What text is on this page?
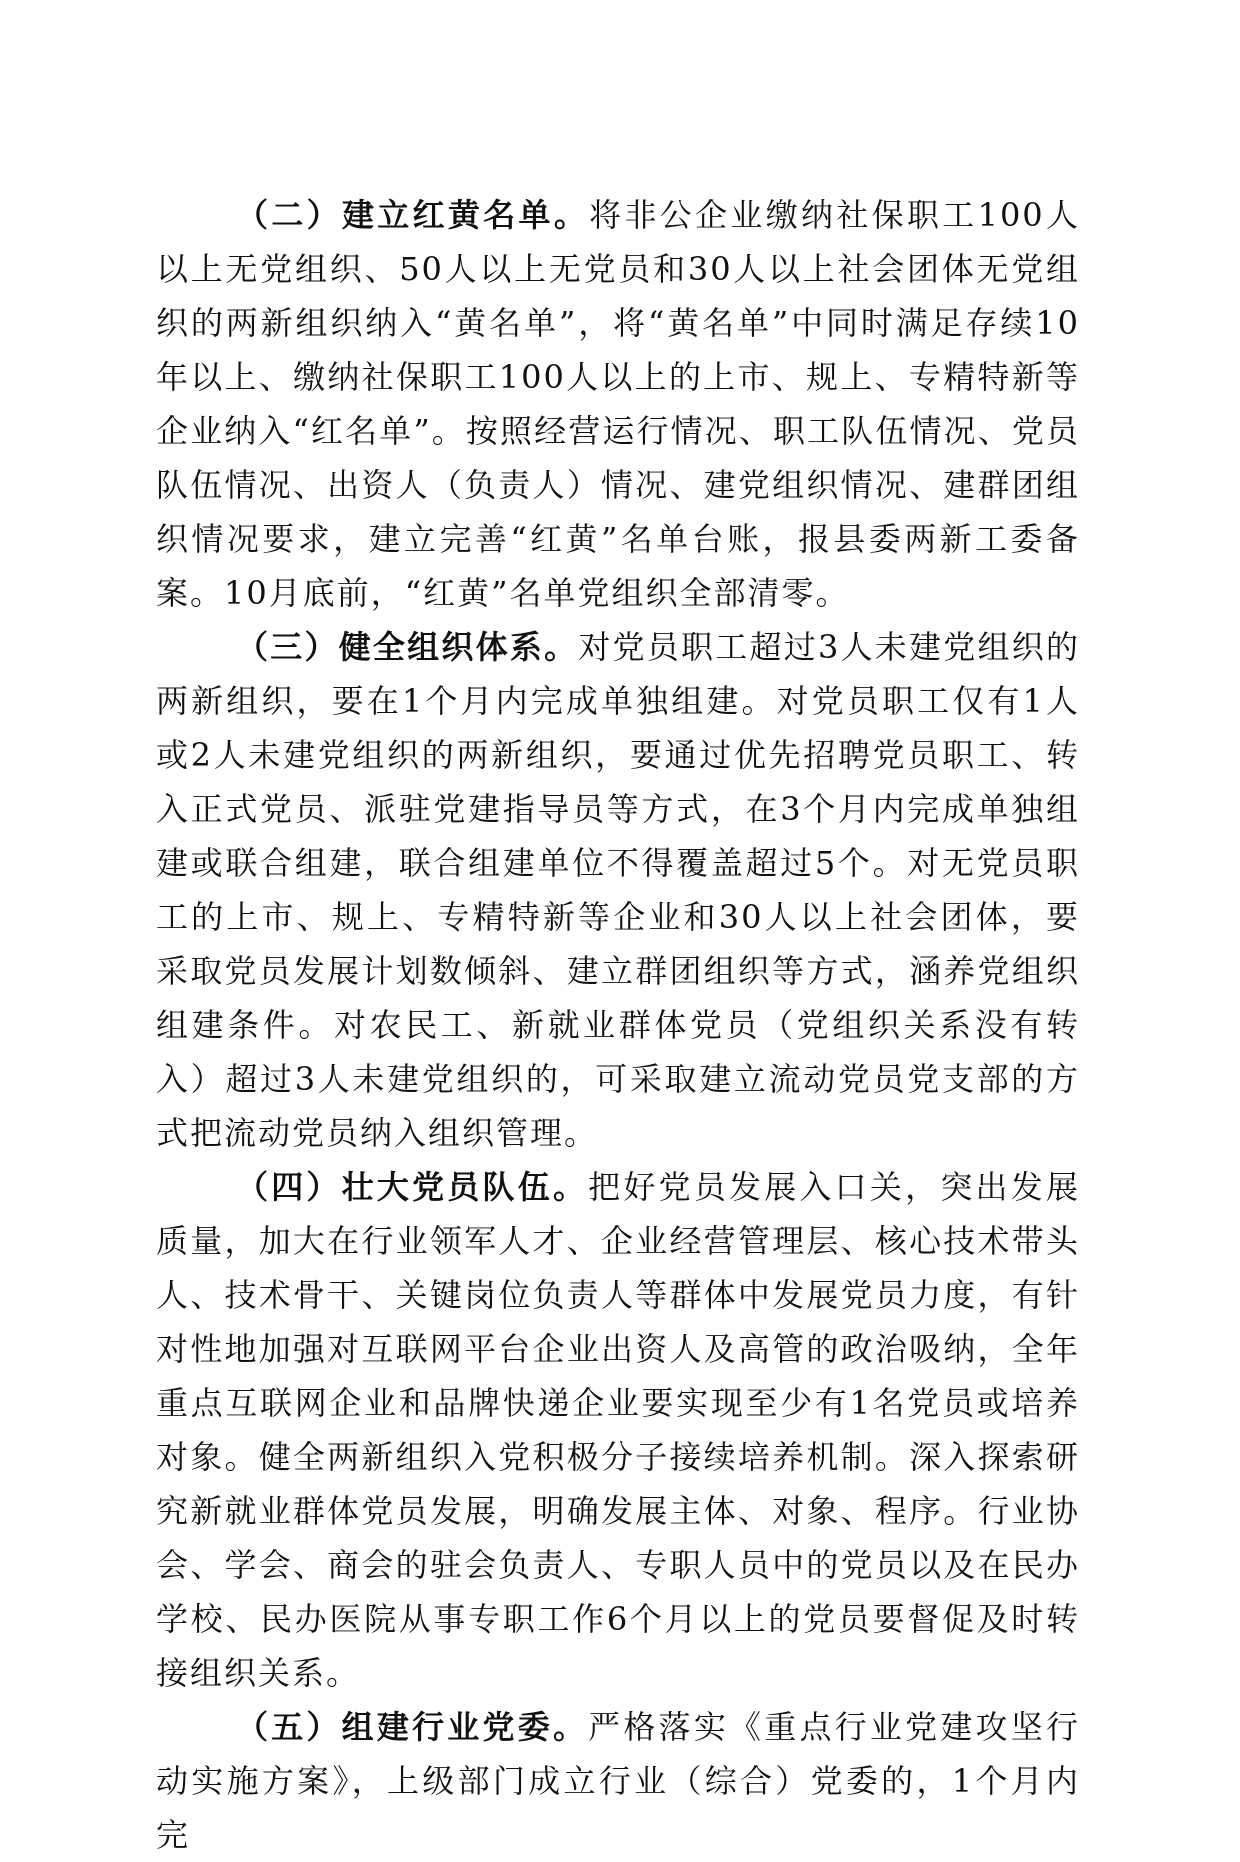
（二）建立红黄名单。将非公企业缴纳社保职工100人以上无党组织、50人以上无党员和30人以上社会团体无党组织的两新组织纳入“黄名单”，将“黄名单”中同时满足存续10年以上、缴纳社保职工100人以上的上市、规上、专精特新等企业纳入“红名单”。按照经营运行情况、职工队伍情况、党员队伍情况、出资人（负责人）情况、建党组织情况、建群团组织情况要求，建立完善“红黄”名单台账，报县委两新工委备案。10月底前，“红黄”名单党组织全部清零。

（三）健全组织体系。对党员职工超过3人未建党组织的两新组织，要在1个月内完成单独组建。对党员职工仅有1人或2人未建党组织的两新组织，要通过优先招聘党员职工、转入正式党员、派驻党建指导员等方式，在3个月内完成单独组建或联合组建，联合组建单位不得覆盖超过5个。对无党员职工的上市、规上、专精特新等企业和30人以上社会团体，要采取党员发展计划数倾斜、建立群团组织等方式，涵养党组织组建条件。对农民工、新就业群体党员（党组织关系没有转入）超过3人未建党组织的，可采取建立流动党员党支部的方式把流动党员纳入组织管理。

（四）壮大党员队伍。把好党员发展入口关，突出发展质量，加大在行业领军人才、企业经营管理层、核心技术带头人、技术骨干、关键岗位负责人等群体中发展党员力度，有针对性地加强对互联网平台企业出资人及高管的政治吸纳，全年重点互联网企业和品牌快递企业要实现至少有1名党员或培养对象。健全两新组织入党积极分子接续培养机制。深入探索研究新就业群体党员发展，明确发展主体、对象、程序。行业协会、学会、商会的驻会负责人、专职人员中的党员以及在民办学校、民办医院从事专职工作6个月以上的党员要督促及时转接组织关系。

（五）组建行业党委。严格落实《重点行业党建攻坚行动实施方案》，上级部门成立行业（综合）党委的，1个月内完
